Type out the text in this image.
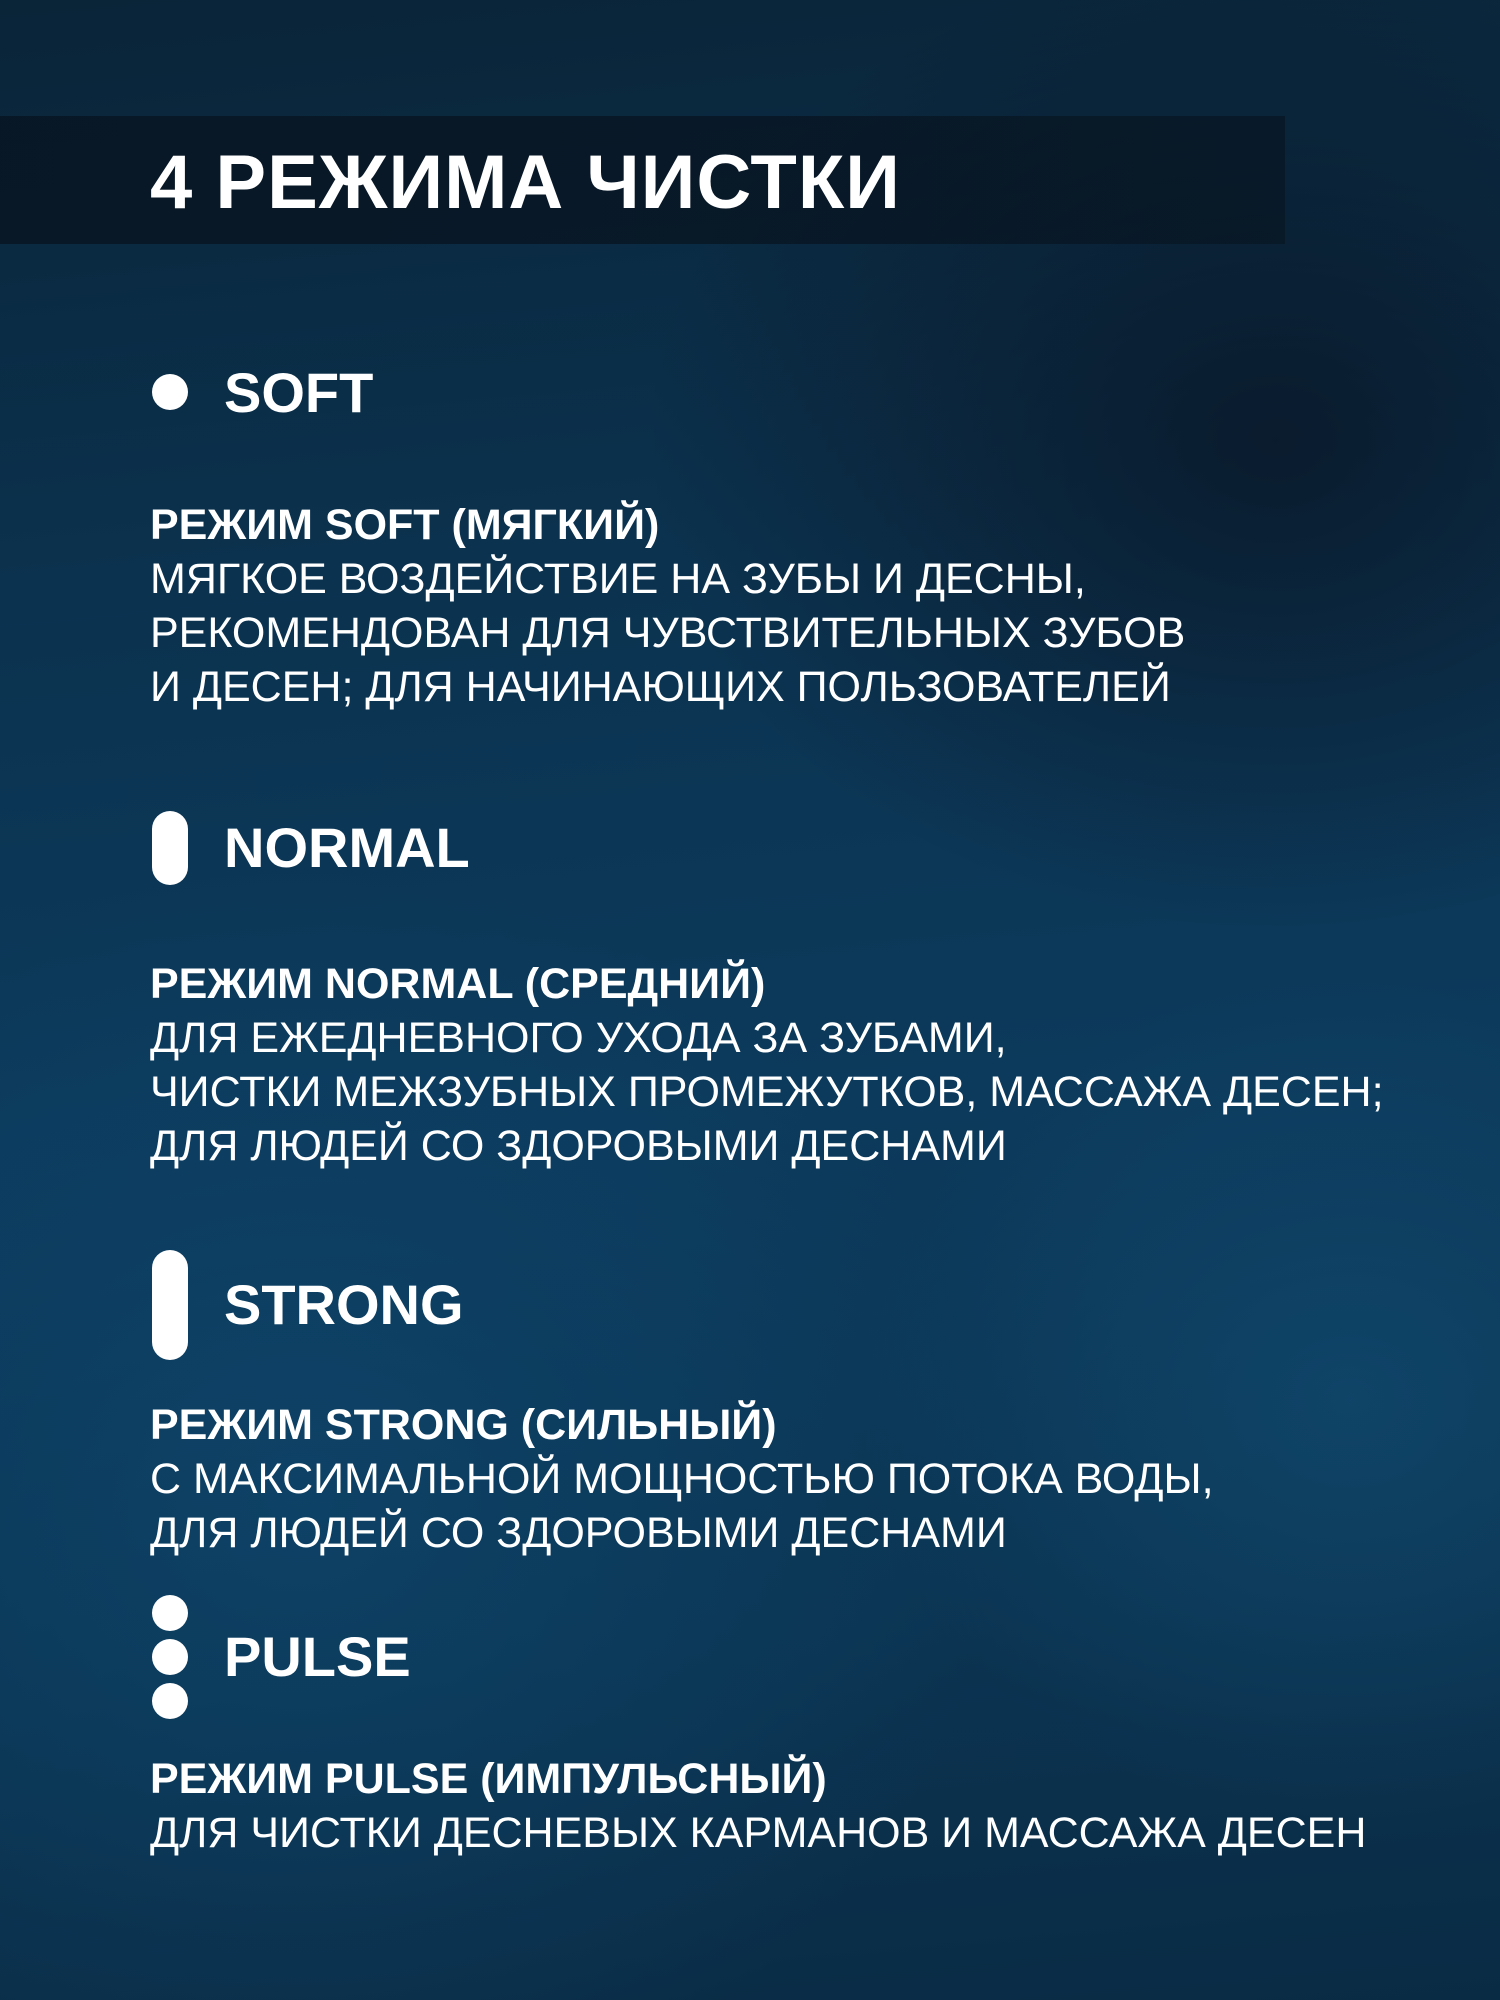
4 РЕЖИМА ЧИСТКИ
SOFT
РЕЖИМ SOFT (МЯГКИЙ)
МЯГКОЕ ВОЗДЕЙСТВИЕ НА ЗУБЫ И ДЕСНЫ,
РЕКОМЕНДОВАН ДЛЯ ЧУВСТВИТЕЛЬНЫХ ЗУБОВ
И ДЕСЕН; ДЛЯ НАЧИНАЮЩИХ ПОЛЬЗОВАТЕЛЕЙ
NORMAL
РЕЖИМ NORMAL (СРЕДНИЙ)
ДЛЯ ЕЖЕДНЕВНОГО УХОДА ЗА ЗУБАМИ,
ЧИСТКИ МЕЖЗУБНЫХ ПРОМЕЖУТКОВ, МАССАЖА ДЕСЕН;
ДЛЯ ЛЮДЕЙ СО ЗДОРОВЫМИ ДЕСНАМИ
STRONG
РЕЖИМ STRONG (СИЛЬНЫЙ)
С МАКСИМАЛЬНОЙ МОЩНОСТЬЮ ПОТОКА ВОДЫ,
ДЛЯ ЛЮДЕЙ СО ЗДОРОВЫМИ ДЕСНАМИ
PULSE
РЕЖИМ PULSE (ИМПУЛЬСНЫЙ)
ДЛЯ ЧИСТКИ ДЕСНЕВЫХ КАРМАНОВ И МАССАЖА ДЕСЕН
